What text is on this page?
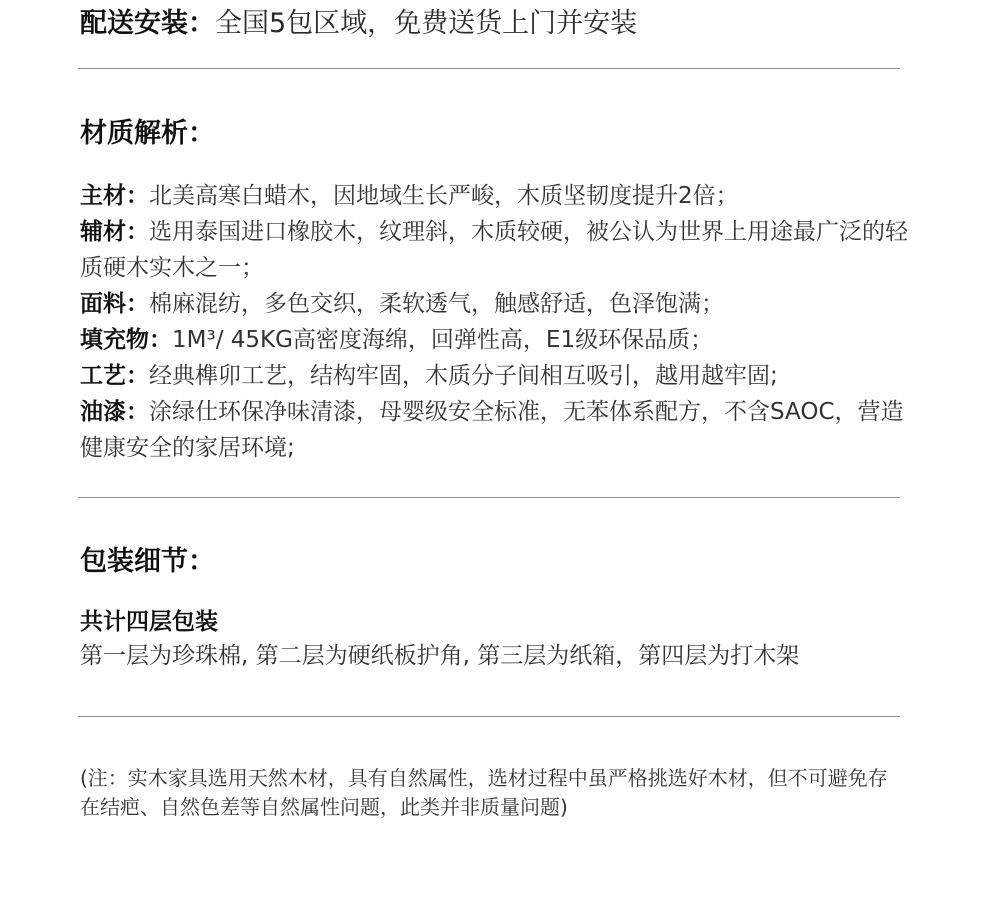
配送安装：全国5包区域，免费送货上门并安装
材质解析：

主材：北美高寒白蜡木，因地域生长严峻，木质坚韧度提升2倍；

辅材：选用泰国进口橡胶木，纹理斜，木质较硬，被公认为世界上用途最广泛的轻质硬木实木之一；

面料：棉麻混纺，多色交织，柔软透气，触感舒适，色泽饱满；

填充物：1M³/ 45KG高密度海绵，回弹性高，E1级环保品质；

工艺：经典榫卯工艺，结构牢固，木质分子间相互吸引，越用越牢固;

油漆：涂绿仕环保净味清漆，母婴级安全标准，无苯体系配方，不含SAOC，营造健康安全的家居环境;

包装细节：
共计四层包装
第一层为珍珠棉, 第二层为硬纸板护角, 第三层为纸箱，第四层为打木架
(注：实木家具选用天然木材，具有自然属性，选材过程中虽严格挑选好木材，但不可避免存在结疤、自然色差等自然属性问题，此类并非质量问题)
